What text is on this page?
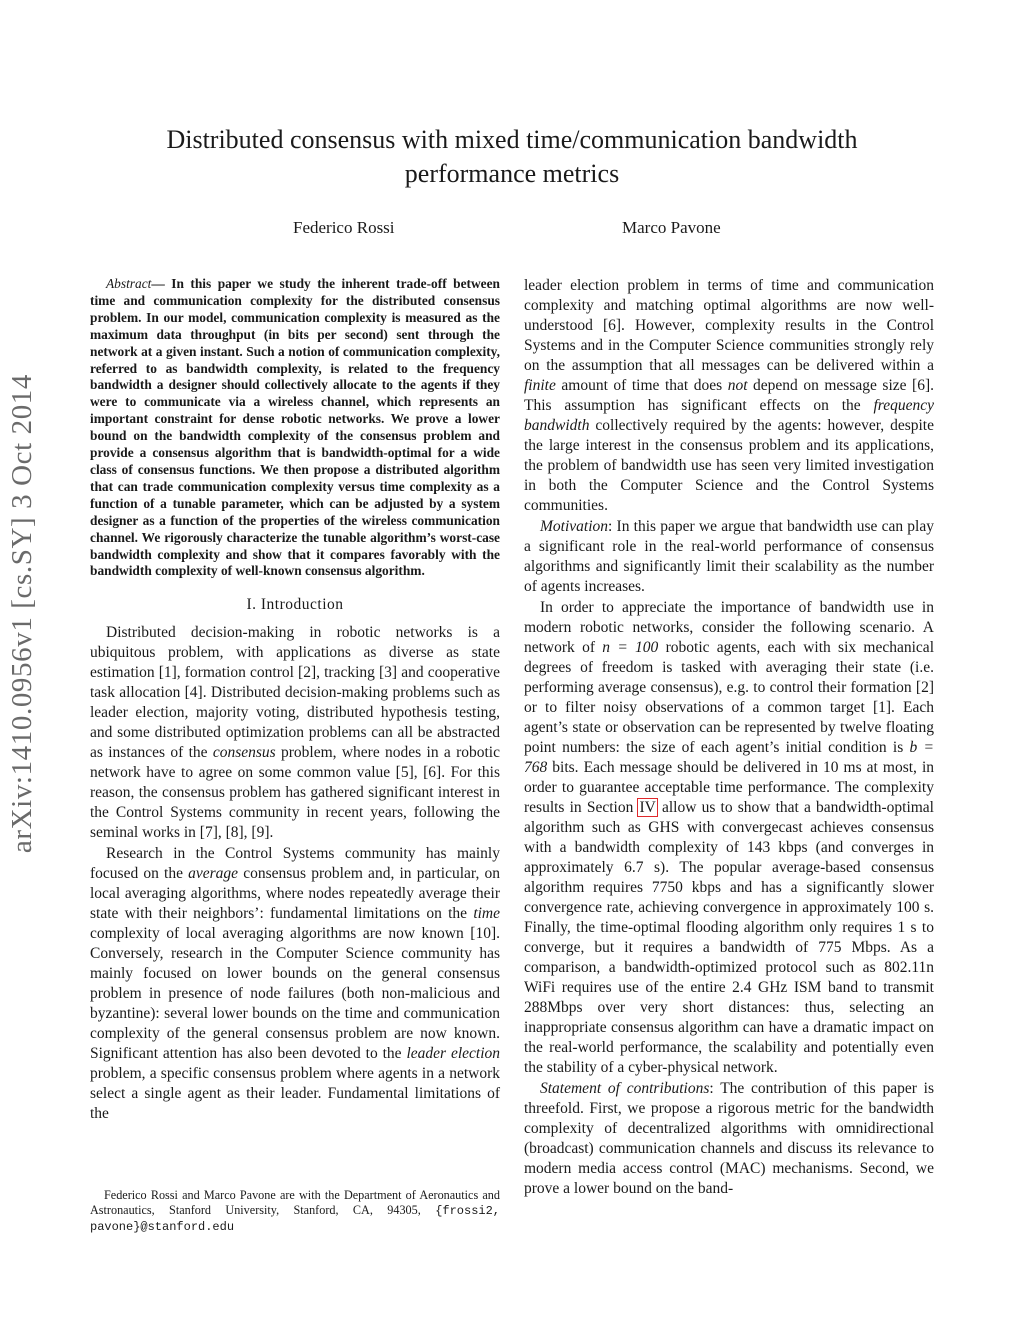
arXiv:1410.0956v1 [cs.SY] 3 Oct 2014
Distributed consensus with mixed time/communication bandwidth performance metrics
Federico Rossi	Marco Pavone

Abstract— In this paper we study the inherent trade-off between time and communication complexity for the distributed consensus problem. In our model, communication complexity is measured as the maximum data throughput (in bits per second) sent through the network at a given instant. Such a notion of communication complexity, referred to as bandwidth complexity, is related to the frequency bandwidth a designer should collectively allocate to the agents if they were to communicate via a wireless channel, which represents an important constraint for dense robotic networks. We prove a lower bound on the bandwidth complexity of the consensus problem and provide a consensus algorithm that is bandwidth-optimal for a wide class of consensus functions. We then propose a distributed algorithm that can trade communication complexity versus time complexity as a function of a tunable parameter, which can be adjusted by a system designer as a function of the properties of the wireless communication channel. We rigorously characterize the tunable algorithm’s worst-case bandwidth complexity and show that it compares favorably with the bandwidth complexity of well-known consensus algorithm.

I. Introduction

Distributed decision-making in robotic networks is a ubiquitous problem, with applications as diverse as state estimation [1], formation control [2], tracking [3] and cooperative task allocation [4]. Distributed decision-making problems such as leader election, majority voting, distributed hypothesis testing, and some distributed optimization problems can all be abstracted as instances of the consensus problem, where nodes in a robotic network have to agree on some common value [5], [6]. For this reason, the consensus problem has gathered significant interest in the Control Systems community in recent years, following the seminal works in [7], [8], [9].

Research in the Control Systems community has mainly focused on the average consensus problem and, in particular, on local averaging algorithms, where nodes repeatedly average their state with their neighbors’: fundamental limitations on the time complexity of local averaging algorithms are now known [10]. Conversely, research in the Computer Science community has mainly focused on lower bounds on the general consensus problem in presence of node failures (both non-malicious and byzantine): several lower bounds on the time and communication complexity of the general consensus problem are now known. Significant attention has also been devoted to the leader election problem, a specific consensus problem where agents in a network select a single agent as their leader. Fundamental limitations of the

Federico Rossi and Marco Pavone are with the Department of Aeronautics and Astronautics, Stanford University, Stanford, CA, 94305, {frossi2, pavone}@stanford.edu

leader election problem in terms of time and communication complexity and matching optimal algorithms are now well-understood [6]. However, complexity results in the Control Systems and in the Computer Science communities strongly rely on the assumption that all messages can be delivered within a finite amount of time that does not depend on message size [6]. This assumption has significant effects on the frequency bandwidth collectively required by the agents: however, despite the large interest in the consensus problem and its applications, the problem of bandwidth use has seen very limited investigation in both the Computer Science and the Control Systems communities.

Motivation: In this paper we argue that bandwidth use can play a significant role in the real-world performance of consensus algorithms and significantly limit their scalability as the number of agents increases.

In order to appreciate the importance of bandwidth use in modern robotic networks, consider the following scenario. A network of n = 100 robotic agents, each with six mechanical degrees of freedom is tasked with averaging their state (i.e. performing average consensus), e.g. to control their formation [2] or to filter noisy observations of a common target [1]. Each agent’s state or observation can be represented by twelve floating point numbers: the size of each agent’s initial condition is b = 768 bits. Each message should be delivered in 10 ms at most, in order to guarantee acceptable time performance. The complexity results in Section IV allow us to show that a bandwidth-optimal algorithm such as GHS with convergecast achieves consensus with a bandwidth complexity of 143 kbps (and converges in approximately 6.7 s). The popular average-based consensus algorithm requires 7750 kbps and has a significantly slower convergence rate, achieving convergence in approximately 100 s. Finally, the time-optimal flooding algorithm only requires 1 s to converge, but it requires a bandwidth of 775 Mbps. As a comparison, a bandwidth-optimized protocol such as 802.11n WiFi requires use of the entire 2.4 GHz ISM band to transmit 288Mbps over very short distances: thus, selecting an inappropriate consensus algorithm can have a dramatic impact on the real-world performance, the scalability and potentially even the stability of a cyber-physical network.

Statement of contributions: The contribution of this paper is threefold. First, we propose a rigorous metric for the bandwidth complexity of decentralized algorithms with omnidirectional (broadcast) communication channels and discuss its relevance to modern media access control (MAC) mechanisms. Second, we prove a lower bound on the band-
